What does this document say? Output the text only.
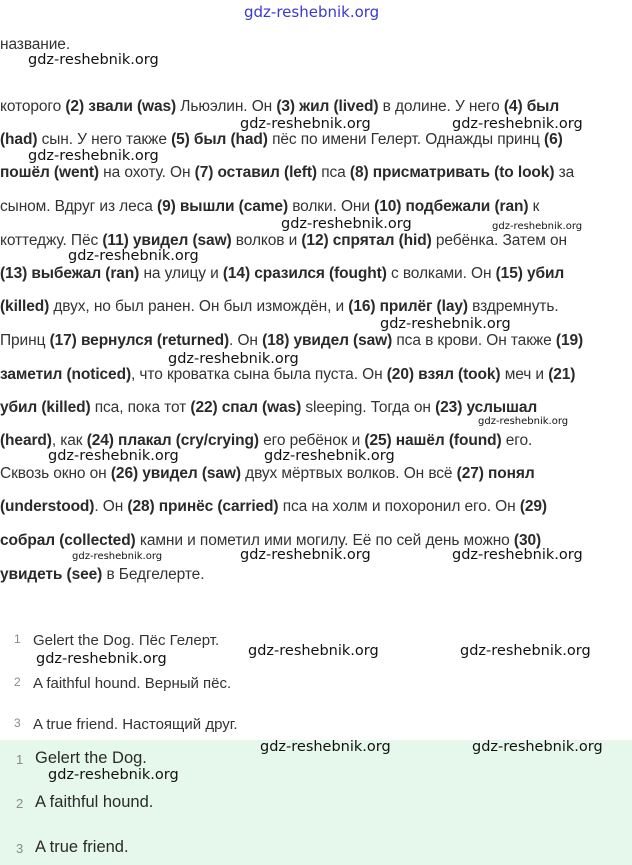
gdz-reshebnik.org
gdz-reshebnik.org
gdz-reshebnik.org	gdz-reshebnik.org
gdz-reshebnik.org
gdz-reshebnik.org	gdz-reshebnik.org
gdz-reshebnik.org
gdz-reshebnik.org
gdz-reshebnik.org
gdz-reshebnik.org
gdz-reshebnik.org	gdz-reshebnik.org
gdz-reshebnik.org	gdz-reshebnik.org	gdz-reshebnik.org
gdz-reshebnik.org	gdz-reshebnik.org	gdz-reshebnik.org
название.
которого (2) звали (was) Льюэлин. Он (3) жил (lived) в долине. У него (4) был
(had) сын. У него также (5) был (had) пёс по имени Гелерт. Однажды принц (6)
пошёл (went) на охоту. Он (7) оставил (left) пса (8) присматривать (to look) за
сыном. Вдруг из леса (9) вышли (came) волки. Они (10) подбежали (ran) к
коттеджу. Пёс (11) увидел (saw) волков и (12) спрятал (hid) ребёнка. Затем он
(13) выбежал (ran) на улицу и (14) сразился (fought) с волками. Он (15) убил
(killed) двух, но был ранен. Он был измождён, и (16) прилёг (lay) вздремнуть.
Принц (17) вернулся (returned). Он (18) увидел (saw) пса в крови. Он также (19)
заметил (noticed), что кроватка сына была пуста. Он (20) взял (took) меч и (21)
убил (killed) пса, пока тот (22) спал (was) sleeping. Тогда он (23) услышал
(heard), как (24) плакал (cry/crying) его ребёнок и (25) нашёл (found) его.
Сквозь окно он (26) увидел (saw) двух мёртвых волков. Он всё (27) понял
(understood). Он (28) принёс (carried) пса на холм и похоронил его. Он (29)
собрал (collected) камни и пометил ими могилу. Её по сей день можно (30)
увидеть (see) в Бедгелерте.
1 Gelert the Dog. Пёс Гелерт.
2 A faithful hound. Верный пёс.
3 A true friend. Настоящий друг.
1 Gelert the Dog.
2 A faithful hound.
3 A true friend.
gdz-reshebnik.org	gdz-reshebnik.org
gdz-reshebnik.org
